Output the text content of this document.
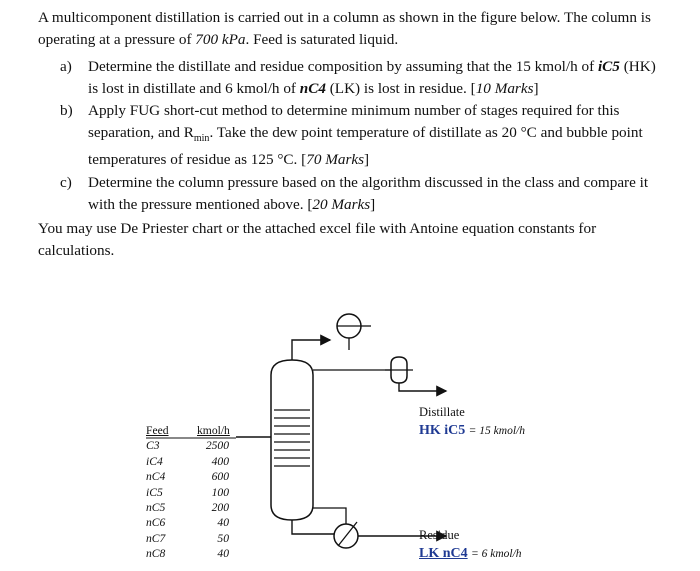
A multicomponent distillation is carried out in a column as shown in the figure below. The column is operating at a pressure of 700 kPa. Feed is saturated liquid.
a) Determine the distillate and residue composition by assuming that the 15 kmol/h of iC5 (HK) is lost in distillate and 6 kmol/h of nC4 (LK) is lost in residue. [10 Marks]
b) Apply FUG short-cut method to determine minimum number of stages required for this separation, and $R_{min}$. Take the dew point temperature of distillate as 20 °C and bubble point temperatures of residue as 125 °C. [70 Marks]
c) Determine the column pressure based on the algorithm discussed in the class and compare it with the pressure mentioned above. [20 Marks]
You may use De Priester chart or the attached excel file with Antoine equation constants for calculations.
Feed	kmol/h
C3	2500
iC4	400
nC4	600
iC5	100
nC5	200
nC6	40
nC7	50
nC8	40
Distillate
HK iC5 = 15 kmol/h
Residue
LK nC4 = 6 kmol/h
